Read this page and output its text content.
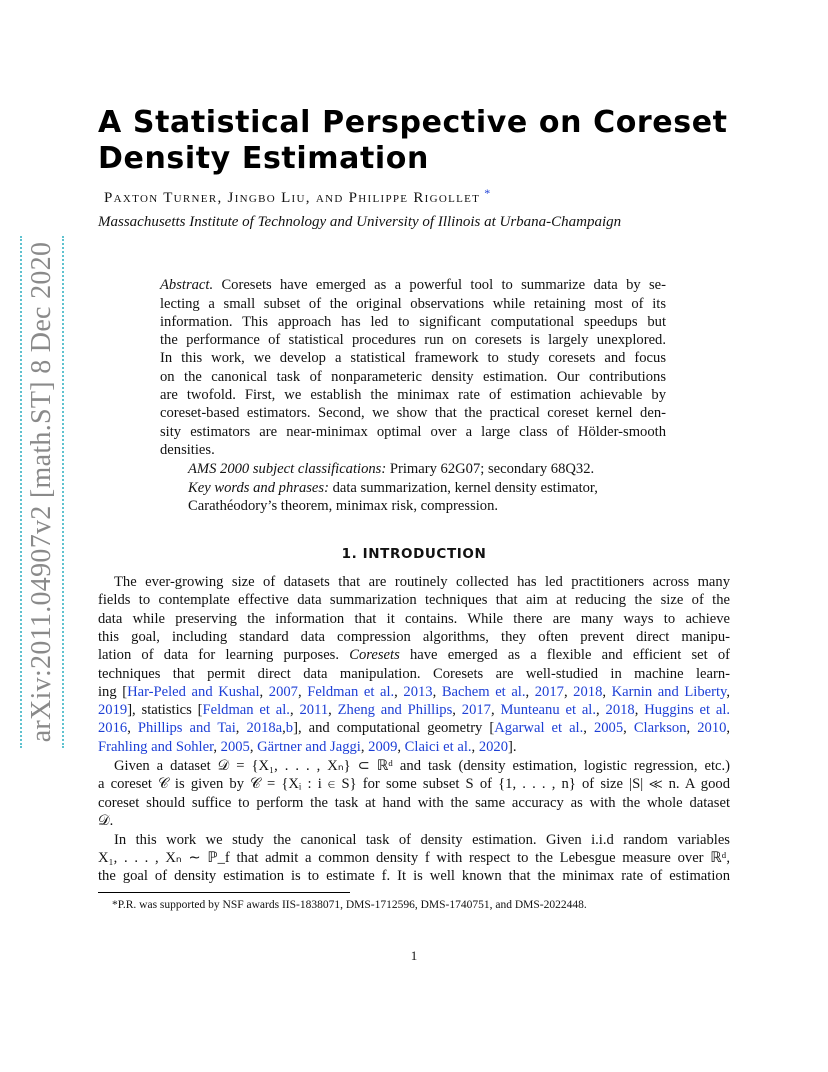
arXiv:2011.04907v2 [math.ST] 8 Dec 2020
A Statistical Perspective on Coreset
Density Estimation
Paxton Turner, Jingbo Liu, and Philippe Rigollet *
Massachusetts Institute of Technology and University of Illinois at Urbana-Champaign
Abstract. Coresets have emerged as a powerful tool to summarize data by se-
lecting a small subset of the original observations while retaining most of its
information. This approach has led to significant computational speedups but
the performance of statistical procedures run on coresets is largely unexplored.
In this work, we develop a statistical framework to study coresets and focus
on the canonical task of nonparameteric density estimation. Our contributions
are twofold. First, we establish the minimax rate of estimation achievable by
coreset-based estimators. Second, we show that the practical coreset kernel den-
sity estimators are near-minimax optimal over a large class of Hölder-smooth
densities.
AMS 2000 subject classifications: Primary 62G07; secondary 68Q32.
Key words and phrases: data summarization, kernel density estimator,
Carathéodory’s theorem, minimax risk, compression.
1. INTRODUCTION
The ever-growing size of datasets that are routinely collected has led practitioners across many
fields to contemplate effective data summarization techniques that aim at reducing the size of the
data while preserving the information that it contains. While there are many ways to achieve
this goal, including standard data compression algorithms, they often prevent direct manipu-
lation of data for learning purposes. Coresets have emerged as a flexible and efficient set of
techniques that permit direct data manipulation. Coresets are well-studied in machine learn-
ing [Har-Peled and Kushal, 2007, Feldman et al., 2013, Bachem et al., 2017, 2018, Karnin and Liberty,
2019], statistics [Feldman et al., 2011, Zheng and Phillips, 2017, Munteanu et al., 2018, Huggins et al.
2016, Phillips and Tai, 2018a,b], and computational geometry [Agarwal et al., 2005, Clarkson, 2010,
Frahling and Sohler, 2005, Gärtner and Jaggi, 2009, Claici et al., 2020].
Given a dataset 𝒟 = {X₁, . . . , Xₙ} ⊂ ℝᵈ and task (density estimation, logistic regression, etc.)
a coreset 𝒞 is given by 𝒞 = {Xᵢ : i ∈ S} for some subset S of {1, . . . , n} of size |S| ≪ n. A good
coreset should suffice to perform the task at hand with the same accuracy as with the whole dataset
𝒟.
In this work we study the canonical task of density estimation. Given i.i.d random variables
X₁, . . . , Xₙ ∼ ℙ_f that admit a common density f with respect to the Lebesgue measure over ℝᵈ,
the goal of density estimation is to estimate f. It is well known that the minimax rate of estimation
*P.R. was supported by NSF awards IIS-1838071, DMS-1712596, DMS-1740751, and DMS-2022448.
1
